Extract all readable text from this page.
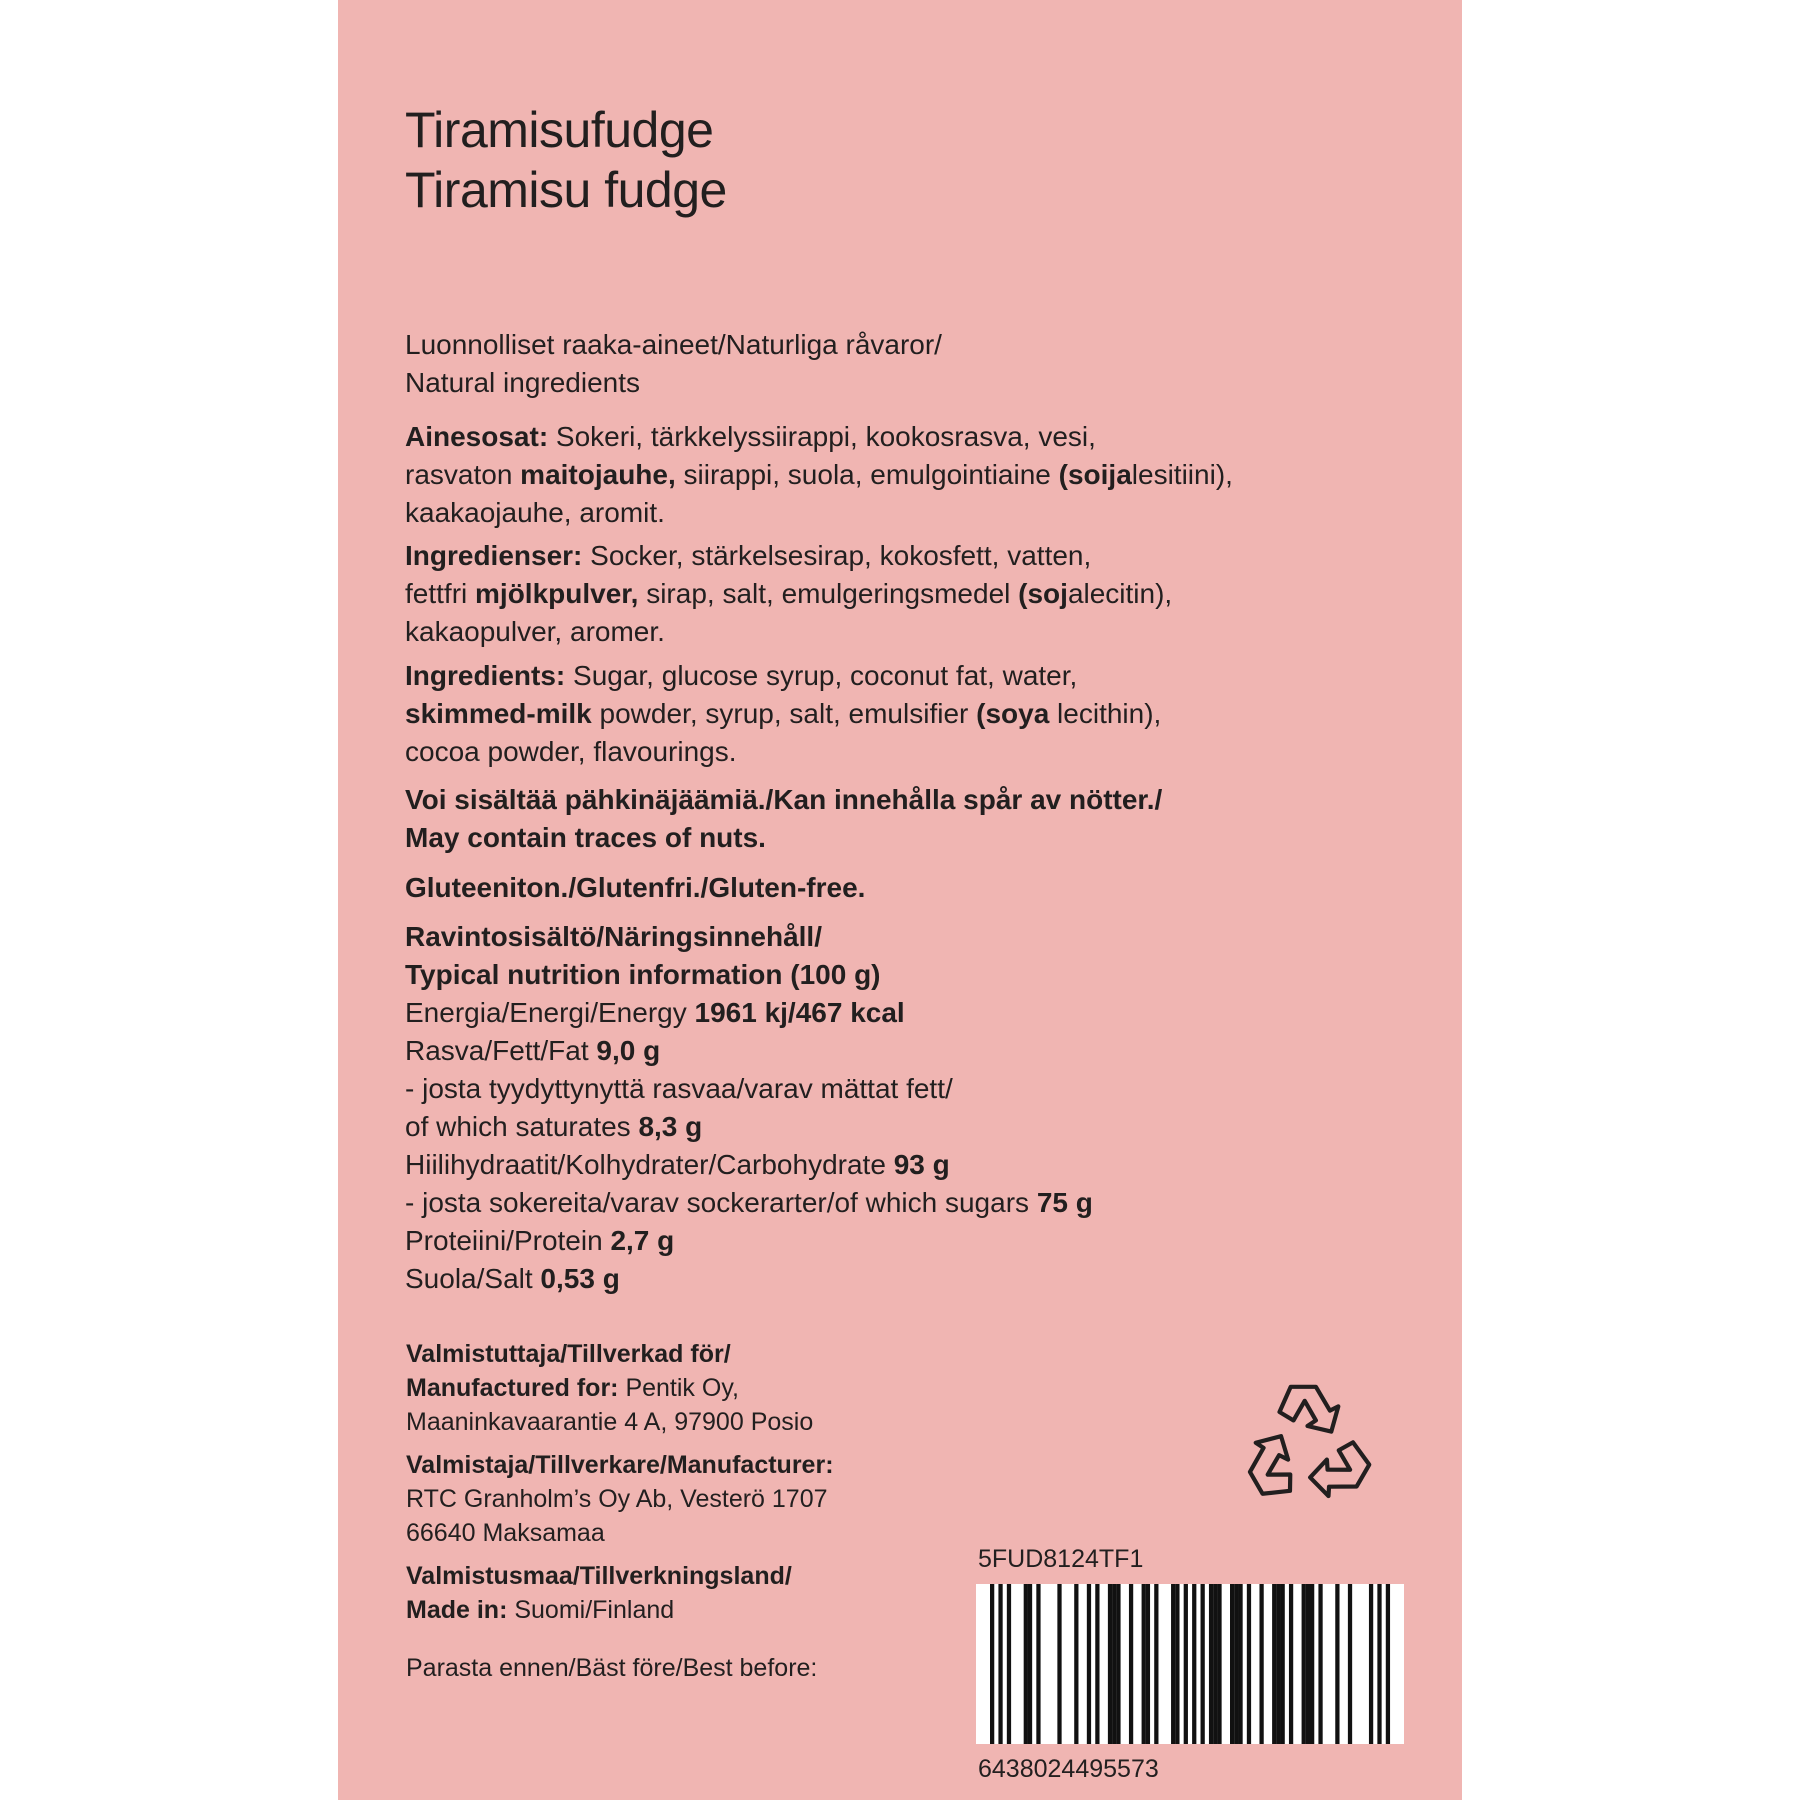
Tiramisufudge
Tiramisu fudge
Luonnolliset raaka-aineet/Naturliga råvaror/
Natural ingredients
Ainesosat: Sokeri, tärkkelyssiirappi, kookosrasva, vesi,
rasvaton maitojauhe, siirappi, suola, emulgointiaine (soijalesitiini),
kaakaojauhe, aromit.
Ingredienser: Socker, stärkelsesirap, kokosfett, vatten,
fettfri mjölkpulver, sirap, salt, emulgeringsmedel (sojalecitin),
kakaopulver, aromer.
Ingredients: Sugar, glucose syrup, coconut fat, water,
skimmed-milk powder, syrup, salt, emulsifier (soya lecithin),
cocoa powder, flavourings.
Voi sisältää pähkinäjäämiä./Kan innehålla spår av nötter./
May contain traces of nuts.
Gluteeniton./Glutenfri./Gluten-free.
Ravintosisältö/Näringsinnehåll/
Typical nutrition information (100 g)
Energia/Energi/Energy 1961 kj/467 kcal
Rasva/Fett/Fat 9,0 g
- josta tyydyttynyttä rasvaa/varav mättat fett/
of which saturates 8,3 g
Hiilihydraatit/Kolhydrater/Carbohydrate 93 g
- josta sokereita/varav sockerarter/of which sugars 75 g
Proteiini/Protein 2,7 g
Suola/Salt 0,53 g
Valmistuttaja/Tillverkad för/
Manufactured for: Pentik Oy,
Maaninkavaarantie 4 A, 97900 Posio
Valmistaja/Tillverkare/Manufacturer:
RTC Granholm’s Oy Ab, Vesterö 1707
66640 Maksamaa
Valmistusmaa/Tillverkningsland/
Made in: Suomi/Finland
Parasta ennen/Bäst före/Best before:
5FUD8124TF1
6438024495573
